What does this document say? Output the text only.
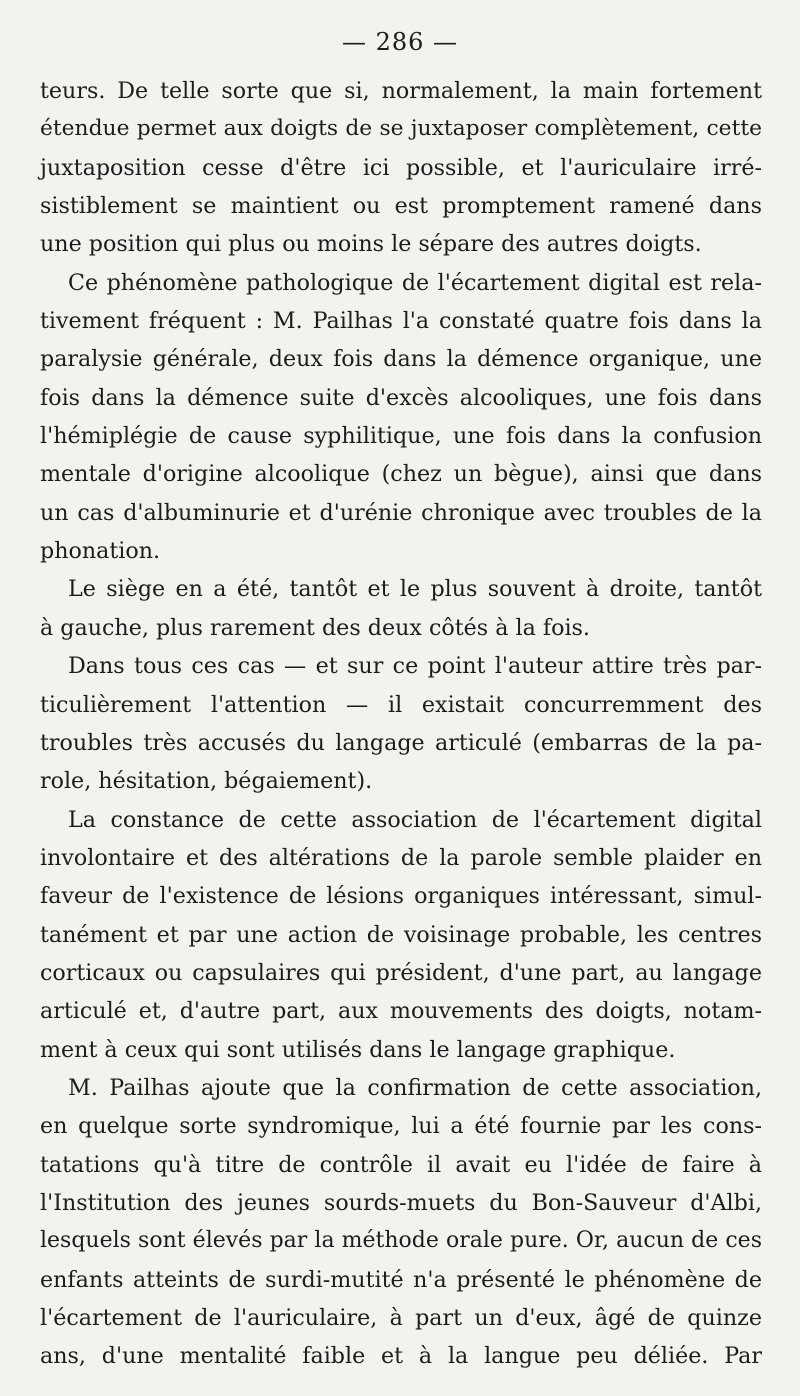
— 286 —
teurs. De telle sorte que si, normalement, la main fortement
étendue permet aux doigts de se juxtaposer complètement, cette
juxtaposition cesse d'être ici possible, et l'auriculaire irré-
sistiblement se maintient ou est promptement ramené dans
une position qui plus ou moins le sépare des autres doigts.
Ce phénomène pathologique de l'écartement digital est rela-
tivement fréquent : M. Pailhas l'a constaté quatre fois dans la
paralysie générale, deux fois dans la démence organique, une
fois dans la démence suite d'excès alcooliques, une fois dans
l'hémiplégie de cause syphilitique, une fois dans la confusion
mentale d'origine alcoolique (chez un bègue), ainsi que dans
un cas d'albuminurie et d'urénie chronique avec troubles de la
phonation.
Le siège en a été, tantôt et le plus souvent à droite, tantôt
à gauche, plus rarement des deux côtés à la fois.
Dans tous ces cas — et sur ce point l'auteur attire très par-
ticulièrement l'attention — il existait concurremment des
troubles très accusés du langage articulé (embarras de la pa-
role, hésitation, bégaiement).
La constance de cette association de l'écartement digital
involontaire et des altérations de la parole semble plaider en
faveur de l'existence de lésions organiques intéressant, simul-
tanément et par une action de voisinage probable, les centres
corticaux ou capsulaires qui président, d'une part, au langage
articulé et, d'autre part, aux mouvements des doigts, notam-
ment à ceux qui sont utilisés dans le langage graphique.
M. Pailhas ajoute que la confirmation de cette association,
en quelque sorte syndromique, lui a été fournie par les cons-
tatations qu'à titre de contrôle il avait eu l'idée de faire à
l'Institution des jeunes sourds-muets du Bon-Sauveur d'Albi,
lesquels sont élevés par la méthode orale pure. Or, aucun de ces
enfants atteints de surdi-mutité n'a présenté le phénomène de
l'écartement de l'auriculaire, à part un d'eux, âgé de quinze
ans, d'une mentalité faible et à la langue peu déliée. Par
